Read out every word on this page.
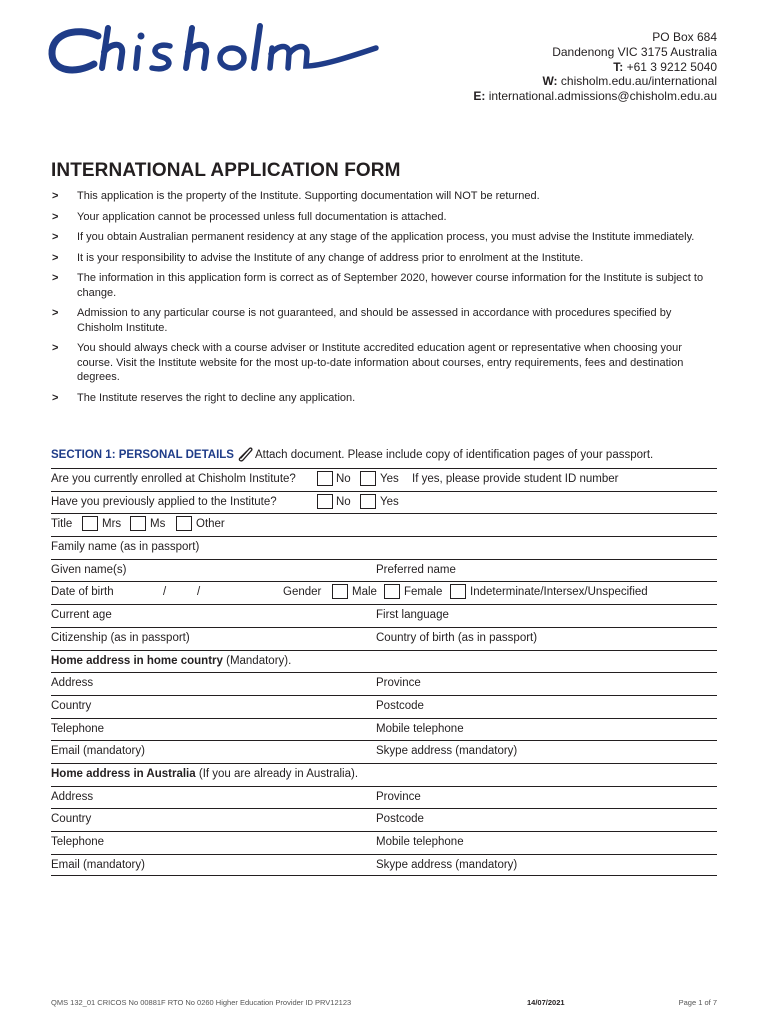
PO Box 684
Dandenong VIC 3175 Australia
T: +61 3 9212 5040
W: chisholm.edu.au/international
E: international.admissions@chisholm.edu.au
INTERNATIONAL APPLICATION FORM
> This application is the property of the Institute. Supporting documentation will NOT be returned.
> Your application cannot be processed unless full documentation is attached.
> If you obtain Australian permanent residency at any stage of the application process, you must advise the Institute immediately.
> It is your responsibility to advise the Institute of any change of address prior to enrolment at the Institute.
> The information in this application form is correct as of September 2020, however course information for the Institute is subject to change.
> Admission to any particular course is not guaranteed, and should be assessed in accordance with procedures specified by Chisholm Institute.
> You should always check with a course adviser or Institute accredited education agent or representative when choosing your course. Visit the Institute website for the most up-to-date information about courses, entry requirements, fees and destination degrees.
> The Institute reserves the right to decline any application.
SECTION 1: PERSONAL DETAILS Attach document. Please include copy of identification pages of your passport.
Are you currently enrolled at Chisholm Institute?	No	Yes If yes, please provide student ID number
Have you previously applied to the Institute?	No	Yes
Title	Mrs	Ms	Other
Family name (as in passport)
Given name(s)	Preferred name
Date of birth	/	/	Gender	Male Female Indeterminate/Intersex/Unspecified
Current age	First language
Citizenship (as in passport)	Country of birth (as in passport)
Home address in home country (Mandatory).
Address	Province
Country	Postcode
Telephone	Mobile telephone
Email (mandatory)	Skype address (mandatory)
Home address in Australia (If you are already in Australia).
Address	Province
Country	Postcode
Telephone	Mobile telephone
Email (mandatory)	Skype address (mandatory)
QMS 132_01 CRICOS No 00881F RTO No 0260 Higher Education Provider ID PRV12123	14/07/2021	Page 1 of 7
